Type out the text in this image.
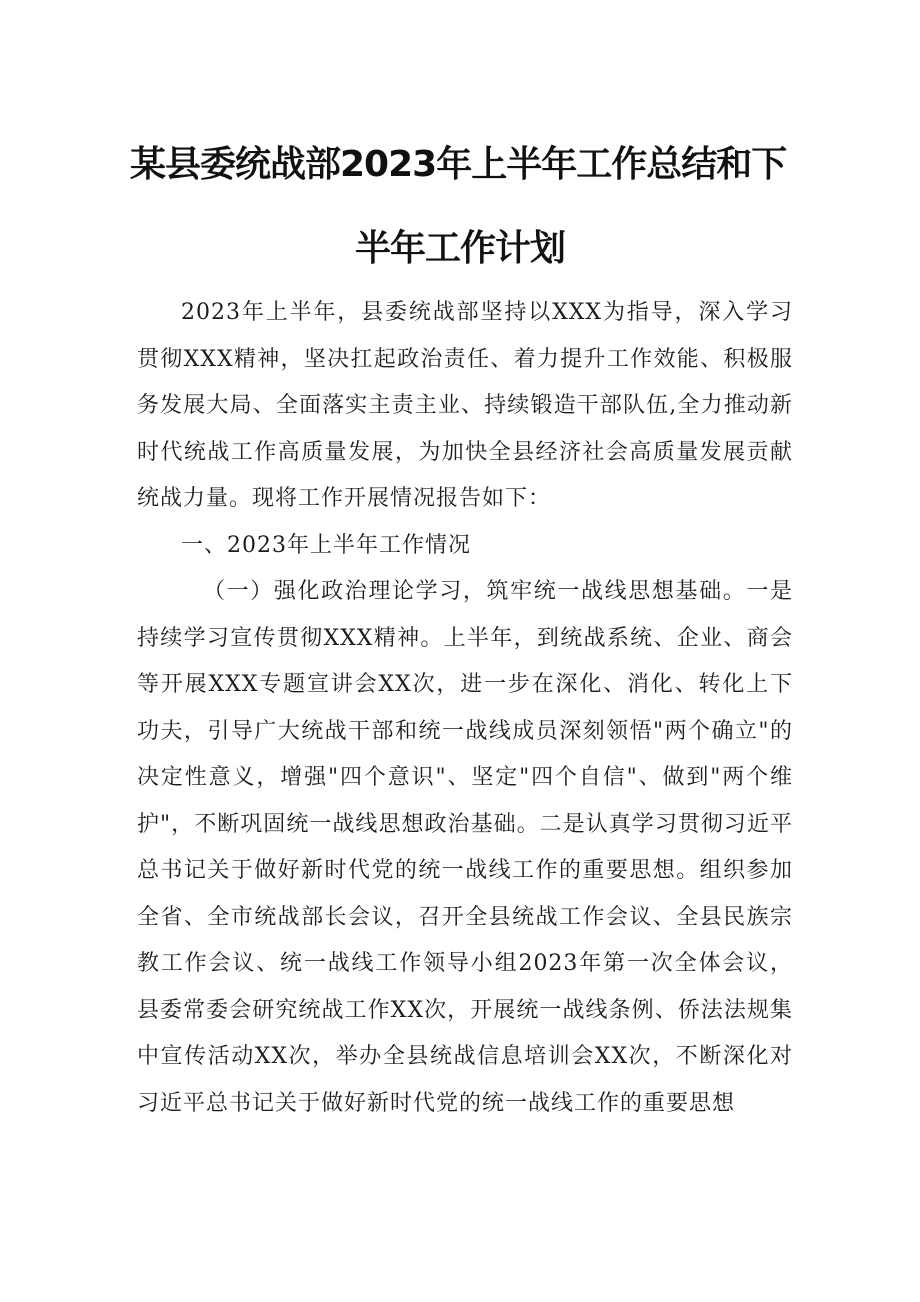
某县委统战部2023年上半年工作总结和下
半年工作计划

2023年上半年，县委统战部坚持以XXX为指导，深入学习贯彻XXX精神，坚决扛起政治责任、着力提升工作效能、积极服务发展大局、全面落实主责主业、持续锻造干部队伍,全力推动新时代统战工作高质量发展，为加快全县经济社会高质量发展贡献统战力量。现将工作开展情况报告如下：

一、2023年上半年工作情况

（一）强化政治理论学习，筑牢统一战线思想基础。一是持续学习宣传贯彻XXX精神。上半年，到统战系统、企业、商会等开展XXX专题宣讲会XX次，进一步在深化、消化、转化上下功夫，引导广大统战干部和统一战线成员深刻领悟"两个确立"的决定性意义，增强"四个意识"、坚定"四个自信"、做到"两个维护"，不断巩固统一战线思想政治基础。二是认真学习贯彻习近平总书记关于做好新时代党的统一战线工作的重要思想。组织参加全省、全市统战部长会议，召开全县统战工作会议、全县民族宗教工作会议、统一战线工作领导小组2023年第一次全体会议，县委常委会研究统战工作XX次，开展统一战线条例、侨法法规集中宣传活动XX次，举办全县统战信息培训会XX次，不断深化对习近平总书记关于做好新时代党的统一战线工作的重要思想
